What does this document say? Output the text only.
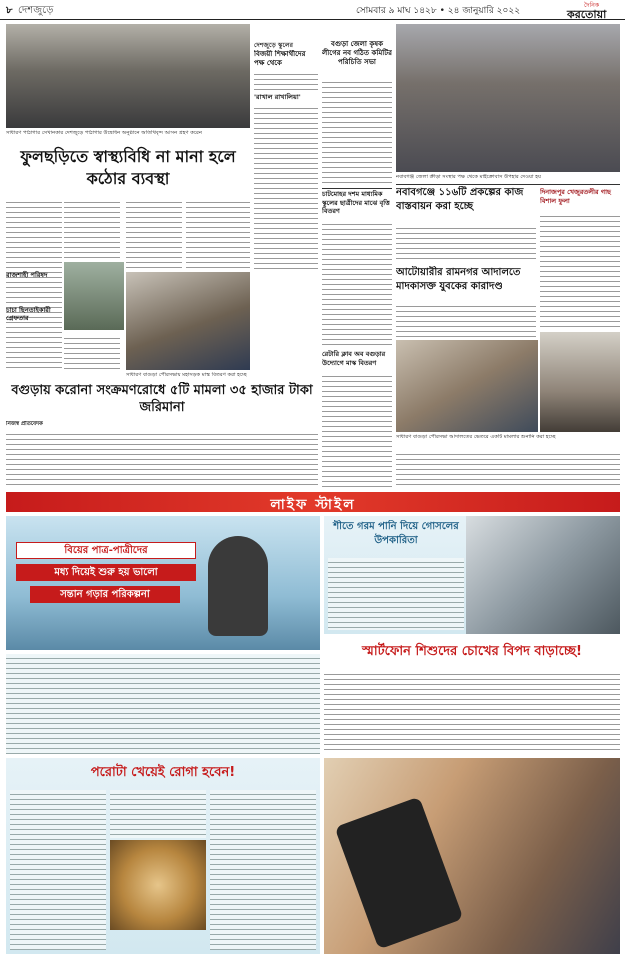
৮ দেশজুড়ে	সোমবার ৯ মাঘ ১৪২৮ • ২৪ জানুয়ারি ২০২২
দৈনিক
করতোয়া
সাধারণ পাঠাগার সেখানকার দেশজুড়ে পাঠাগার উদ্বোধন অনুষ্ঠানে অতিথিবৃন্দ আসন গ্রহণ করেন
ফুলছড়িতে স্বাস্থ্যবিধি না মানা হলে কঠোর ব্যবস্থা
রাজশাহী পরিষদ
চাচা ছিনতাইকারী গ্রেফতার
দেশজুড়ে স্কুলের
বিজয়ী শিক্ষার্থীদের পক্ষ থেকে
'রাখাল রাখালিয়া'
বগুড়া জেলা কৃষক লীগের নব গঠিত কমিটির পরিচিতি সভা
চাটমোহর দশম মাধ্যমিক স্কুলের ছাত্রীদের মাঝে বৃত্তি বিতরণ
রেটারি ক্লাব অব বগুড়ার উদ্যোগে মাস্ক বিতরণ
সাধারণ বাগুড়া পৌরসভায় মহাসড়ক মাস্ক বিতরণ করা হচ্ছে
বগুড়ায় করোনা সংক্রমণরোধে ৫টি মামলা ৩৫ হাজার টাকা জরিমানা
নিজস্ব প্রতিবেদক
নবাবগঞ্জ জেলা ক্রীড়া সংস্থার পক্ষ থেকে মাইক্রোবাস উপহার দেওয়া হয়
নবাবগঞ্জে ১১৬টি প্রকল্পের কাজ বাস্তবায়ন করা হচ্ছে
আটোয়ারীর রামনগর আদালতে মাদকাসক্ত যুবকের কারাদণ্ড
দিনাজপুর খেজুরতলীর গাছ বিশাল ফুলা
সাধারণ বাগুড়া পৌরসভা আদালতের ভেতরে একটি মামলার শুনানি করা হচ্ছে
লাইফ স্টাইল
বিয়ের পাত্র-পাত্রীদের
মধ্য দিয়েই শুরু হয় ভালো
সন্তান গড়ার পরিকল্পনা
শীতে গরম পানি দিয়ে গোসলের উপকারিতা
স্মার্টফোন শিশুদের চোখের বিপদ বাড়াচ্ছে!
পরোটা খেয়েই রোগা হবেন!
